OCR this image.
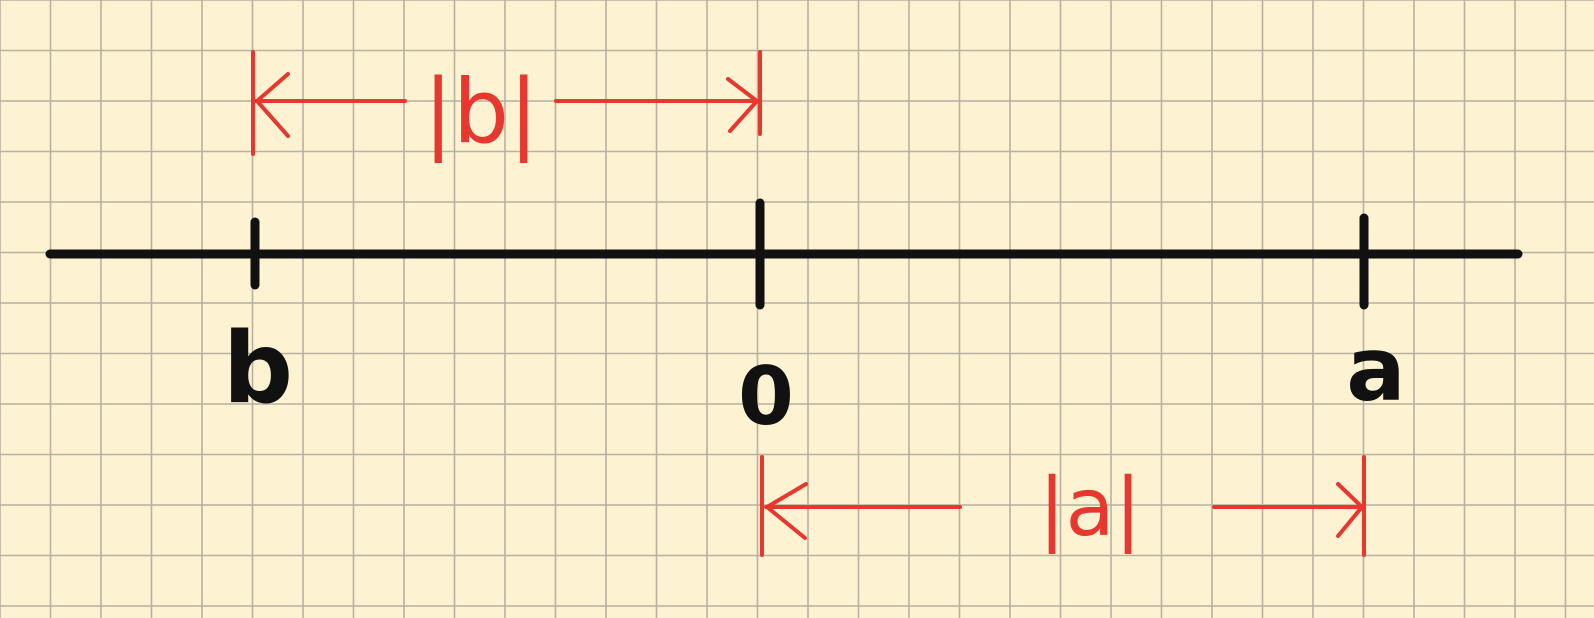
b	0	a
|b|
|a|
